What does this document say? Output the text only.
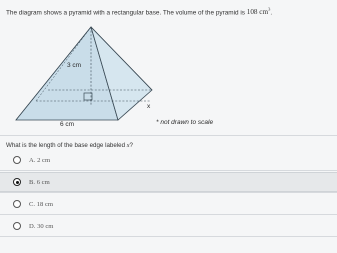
The diagram shows a pyramid with a rectangular base. The volume of the pyramid is 108 $cm^3$.
3 cm
6 cm
x
* not drawn to scale
What is the length of the base edge labeled x?
A. 2 cm
B. 6 cm
C. 18 cm
D. 30 cm
